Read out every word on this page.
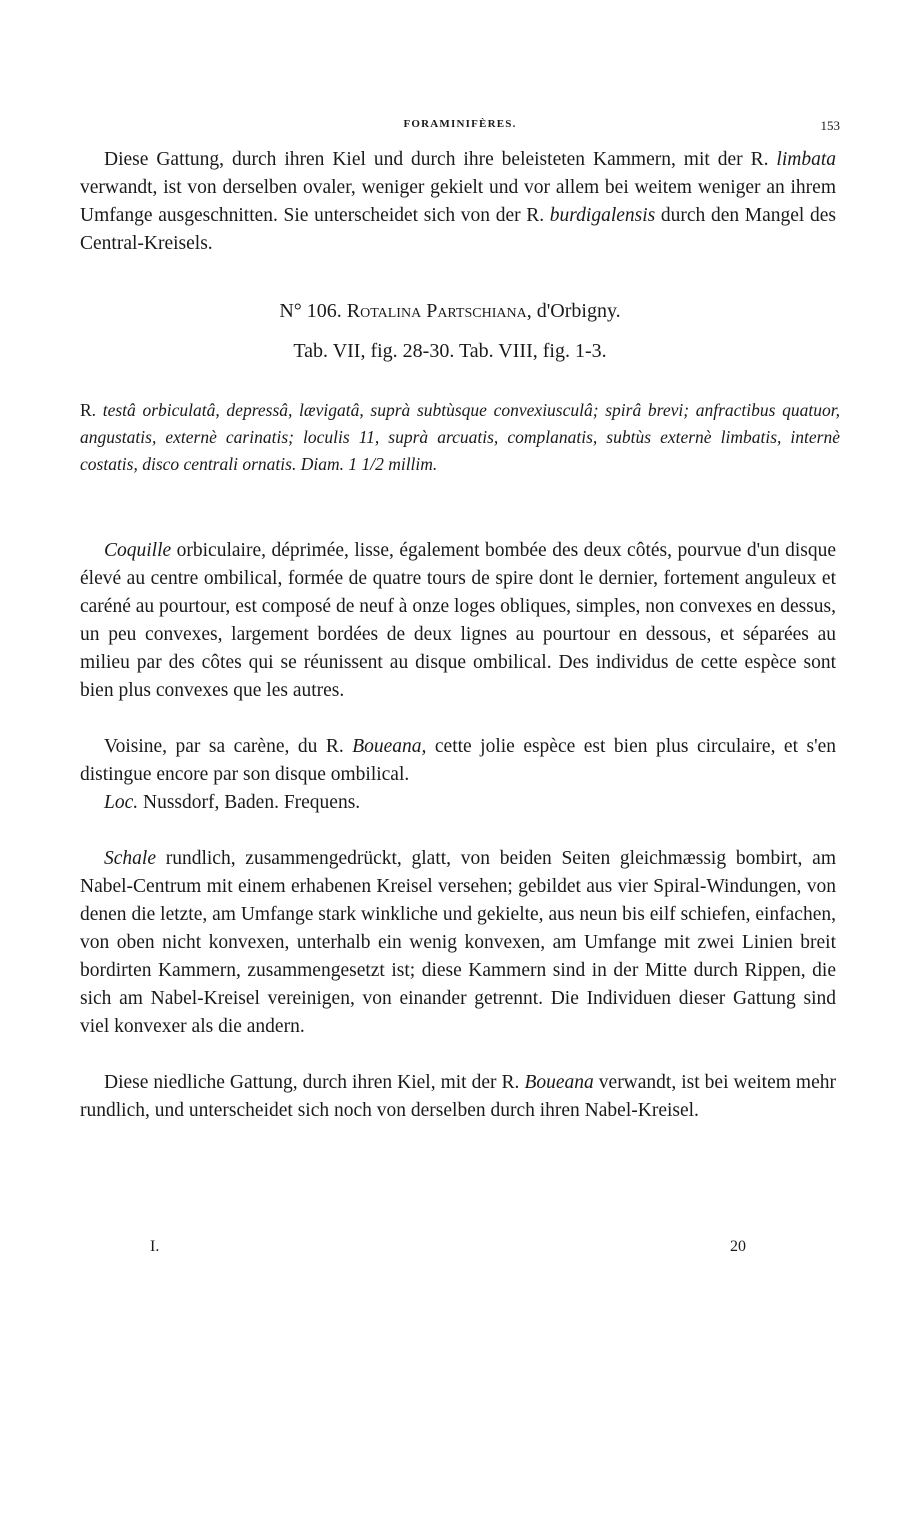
FORAMINIFÈRES.	153

Diese Gattung, durch ihren Kiel und durch ihre beleisteten Kammern, mit der R. limbata verwandt, ist von derselben ovaler, weniger gekielt und vor allem bei weitem weniger an ihrem Umfange ausgeschnitten. Sie unterscheidet sich von der R. burdigalensis durch den Mangel des Central-Kreisels.

N° 106. Rotalina Partschiana, d'Orbigny.
Tab. VII, fig. 28-30. Tab. VIII, fig. 1-3.

R. testâ orbiculatâ, depressâ, lævigatâ, suprà subtùsque convexiusculâ; spirâ brevi; anfractibus quatuor, angustatis, externè carinatis; loculis 11, suprà arcuatis, complanatis, subtùs externè limbatis, internè costatis, disco centrali ornatis. Diam. 1 1/2 millim.

Coquille orbiculaire, déprimée, lisse, également bombée des deux côtés, pourvue d'un disque élevé au centre ombilical, formée de quatre tours de spire dont le dernier, fortement anguleux et caréné au pourtour, est composé de neuf à onze loges obliques, simples, non convexes en dessus, un peu convexes, largement bordées de deux lignes au pourtour en dessous, et séparées au milieu par des côtes qui se réunissent au disque ombilical. Des individus de cette espèce sont bien plus convexes que les autres.

Voisine, par sa carène, du R. Boueana, cette jolie espèce est bien plus circulaire, et s'en distingue encore par son disque ombilical.

Loc. Nussdorf, Baden. Frequens.

Schale rundlich, zusammengedrückt, glatt, von beiden Seiten gleichmæssig bombirt, am Nabel-Centrum mit einem erhabenen Kreisel versehen; gebildet aus vier Spiral-Windungen, von denen die letzte, am Umfange stark winkliche und gekielte, aus neun bis eilf schiefen, einfachen, von oben nicht konvexen, unterhalb ein wenig konvexen, am Umfange mit zwei Linien breit bordirten Kammern, zusammengesetzt ist; diese Kammern sind in der Mitte durch Rippen, die sich am Nabel-Kreisel vereinigen, von einander getrennt. Die Individuen dieser Gattung sind viel konvexer als die andern.

Diese niedliche Gattung, durch ihren Kiel, mit der R. Boueana verwandt, ist bei weitem mehr rundlich, und unterscheidet sich noch von derselben durch ihren Nabel-Kreisel.

I.	20
